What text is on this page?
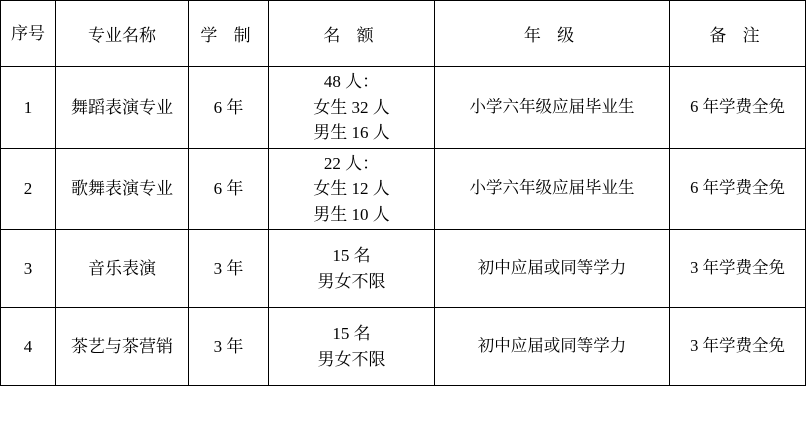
序号	专业名称	学 制	名 额	年 级	备 注
1	舞蹈表演专业	6 年	48 人：
女生 32 人
男生 16 人	小学六年级应届毕业生	6 年学费全免
2	歌舞表演专业	6 年	22 人：
女生 12 人
男生 10 人	小学六年级应届毕业生	6 年学费全免
3	音乐表演	3 年	15 名
男女不限	初中应届或同等学力	3 年学费全免
4	茶艺与茶营销	3 年	15 名
男女不限	初中应届或同等学力	3 年学费全免
